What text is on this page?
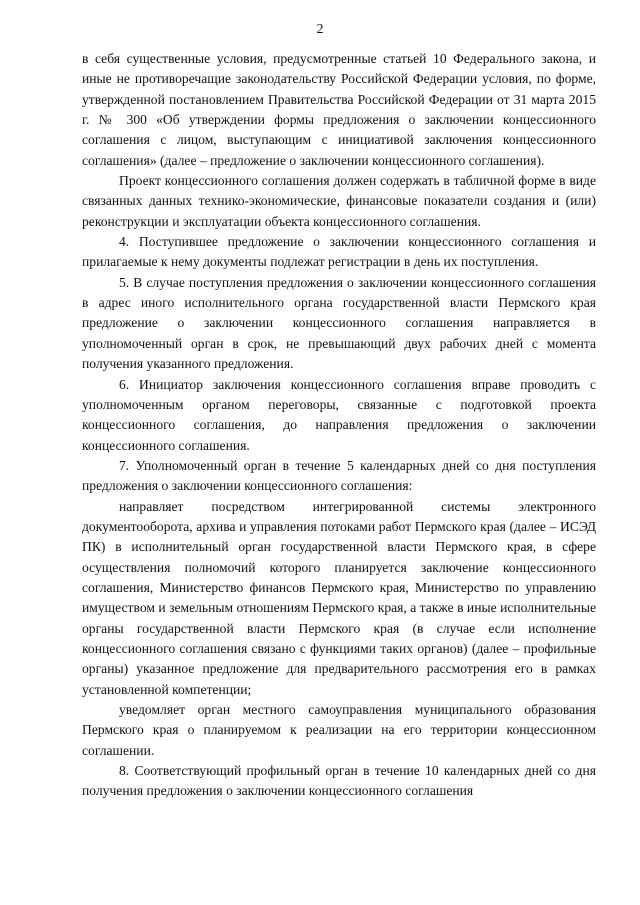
2

в себя существенные условия, предусмотренные статьей 10 Федерального закона, и иные не противоречащие законодательству Российской Федерации условия, по форме, утвержденной постановлением Правительства Российской Федерации от 31 марта 2015 г. № 300 «Об утверждении формы предложения о заключении концессионного соглашения с лицом, выступающим с инициативой заключения концессионного соглашения» (далее – предложение о заключении концессионного соглашения).

Проект концессионного соглашения должен содержать в табличной форме в виде связанных данных технико-экономические, финансовые показатели создания и (или) реконструкции и эксплуатации объекта концессионного соглашения.

4. Поступившее предложение о заключении концессионного соглашения и прилагаемые к нему документы подлежат регистрации в день их поступления.

5. В случае поступления предложения о заключении концессионного соглашения в адрес иного исполнительного органа государственной власти Пермского края предложение о заключении концессионного соглашения направляется в уполномоченный орган в срок, не превышающий двух рабочих дней с момента получения указанного предложения.

6. Инициатор заключения концессионного соглашения вправе проводить с уполномоченным органом переговоры, связанные с подготовкой проекта концессионного соглашения, до направления предложения о заключении концессионного соглашения.

7. Уполномоченный орган в течение 5 календарных дней со дня поступления предложения о заключении концессионного соглашения:

направляет посредством интегрированной системы электронного документооборота, архива и управления потоками работ Пермского края (далее – ИСЭД ПК) в исполнительный орган государственной власти Пермского края, в сфере осуществления полномочий которого планируется заключение концессионного соглашения, Министерство финансов Пермского края, Министерство по управлению имуществом и земельным отношениям Пермского края, а также в иные исполнительные органы государственной власти Пермского края (в случае если исполнение концессионного соглашения связано с функциями таких органов) (далее – профильные органы) указанное предложение для предварительного рассмотрения его в рамках установленной компетенции;

уведомляет орган местного самоуправления муниципального образования Пермского края о планируемом к реализации на его территории концессионном соглашении.

8. Соответствующий профильный орган в течение 10 календарных дней со дня получения предложения о заключении концессионного соглашения
